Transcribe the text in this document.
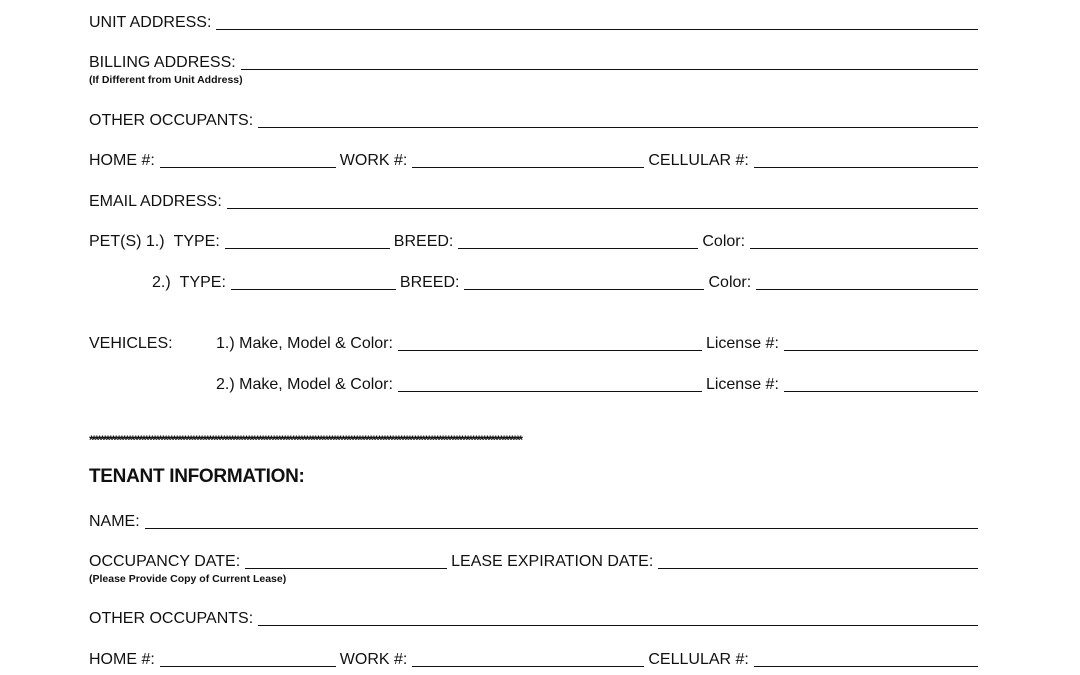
UNIT ADDRESS:
BILLING ADDRESS:
(If Different from Unit Address)
OTHER OCCUPANTS:
HOME #:	WORK #:	CELLULAR #:
EMAIL ADDRESS:
PET(S) 1.) TYPE:	BREED:	Color:
2.) TYPE:	BREED:	Color:
VEHICLES:	1.) Make, Model & Color:	License #:
2.) Make, Model & Color:	License #:
************************************************************************************************************************************************************
TENANT INFORMATION:
NAME:
OCCUPANCY DATE:	LEASE EXPIRATION DATE:
(Please Provide Copy of Current Lease)
OTHER OCCUPANTS:
HOME #:	WORK #:	CELLULAR #:
